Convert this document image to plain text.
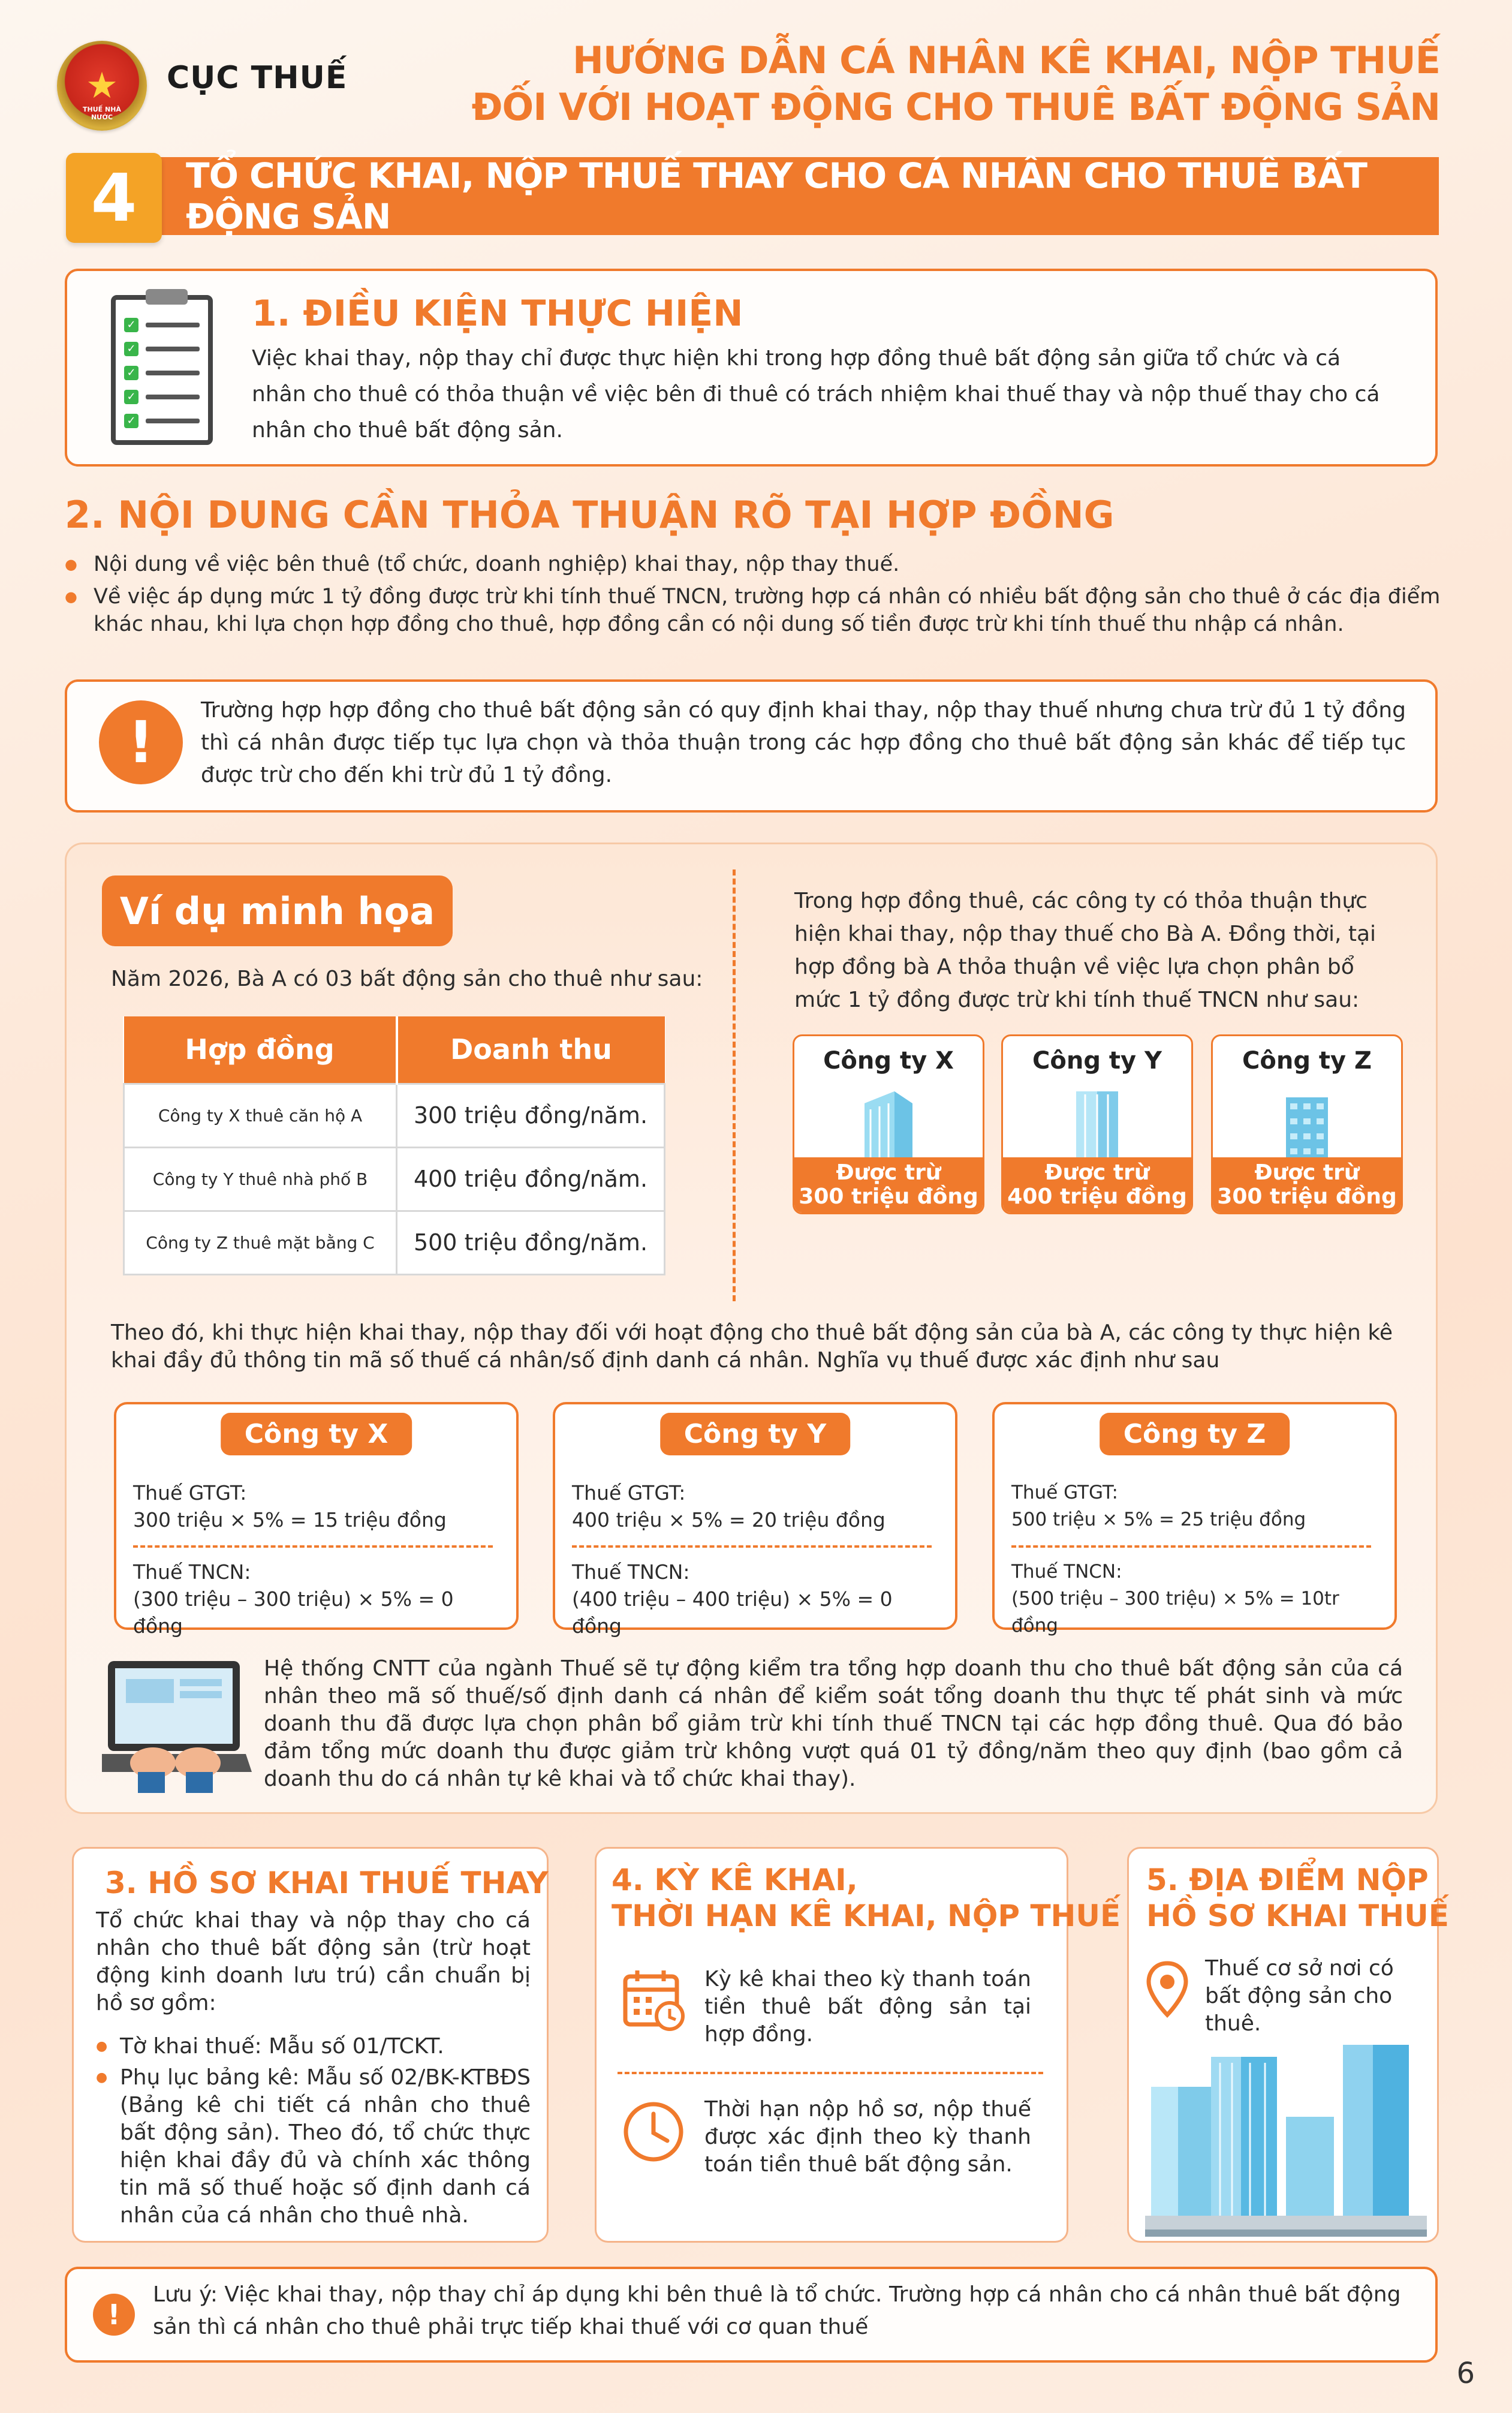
★
THUẾ NHÀ NƯỚC
CỤC THUẾ	HƯỚNG DẪN CÁ NHÂN KÊ KHAI, NỘP THUẾ
ĐỐI VỚI HOẠT ĐỘNG CHO THUÊ BẤT ĐỘNG SẢN
4	TỔ CHỨC KHAI, NỘP THUẾ THAY CHO CÁ NHÂN CHO THUÊ BẤT ĐỘNG SẢN
✓
✓
✓
✓
✓
1. ĐIỀU KIỆN THỰC HIỆN
Việc khai thay, nộp thay chỉ được thực hiện khi trong hợp đồng thuê bất động sản giữa tổ chức và cá nhân cho thuê có thỏa thuận về việc bên đi thuê có trách nhiệm khai thuế thay và nộp thuế thay cho cá nhân cho thuê bất động sản.
2. NỘI DUNG CẦN THỎA THUẬN RÕ TẠI HỢP ĐỒNG
● Nội dung về việc bên thuê (tổ chức, doanh nghiệp) khai thay, nộp thay thuế.
● Về việc áp dụng mức 1 tỷ đồng được trừ khi tính thuế TNCN, trường hợp cá nhân có nhiều bất động sản cho thuê ở các địa điểm khác nhau, khi lựa chọn hợp đồng cho thuê, hợp đồng cần có nội dung số tiền được trừ khi tính thuế thu nhập cá nhân.
!	Trường hợp hợp đồng cho thuê bất động sản có quy định khai thay, nộp thay thuế nhưng chưa trừ đủ 1 tỷ đồng thì cá nhân được tiếp tục lựa chọn và thỏa thuận trong các hợp đồng cho thuê bất động sản khác để tiếp tục được trừ cho đến khi trừ đủ 1 tỷ đồng.
Ví dụ minh họa
Năm 2026, Bà A có 03 bất động sản cho thuê như sau:
Hợp đồng	Doanh thu
Công ty X thuê căn hộ A	300 triệu đồng/năm.
Công ty Y thuê nhà phố B	400 triệu đồng/năm.
Công ty Z thuê mặt bằng C	500 triệu đồng/năm.
Trong hợp đồng thuê, các công ty có thỏa thuận thực hiện khai thay, nộp thay thuế cho Bà A. Đồng thời, tại hợp đồng bà A thỏa thuận về việc lựa chọn phân bổ mức 1 tỷ đồng được trừ khi tính thuế TNCN như sau:
Công ty X
Được trừ
300 triệu đồng
Công ty Y
Được trừ
400 triệu đồng
Công ty Z
Được trừ
300 triệu đồng
Theo đó, khi thực hiện khai thay, nộp thay đối với hoạt động cho thuê bất động sản của bà A, các công ty thực hiện kê khai đầy đủ thông tin mã số thuế cá nhân/số định danh cá nhân. Nghĩa vụ thuế được xác định như sau
Công ty X
Thuế GTGT:
300 triệu × 5% = 15 triệu đồng
Thuế TNCN:
(300 triệu – 300 triệu) × 5% = 0 đồng
Công ty Y
Thuế GTGT:
400 triệu × 5% = 20 triệu đồng
Thuế TNCN:
(400 triệu – 400 triệu) × 5% = 0 đồng
Công ty Z
Thuế GTGT:
500 triệu × 5% = 25 triệu đồng
Thuế TNCN:
(500 triệu – 300 triệu) × 5% = 10tr đồng
Hệ thống CNTT của ngành Thuế sẽ tự động kiểm tra tổng hợp doanh thu cho thuê bất động sản của cá nhân theo mã số thuế/số định danh cá nhân để kiểm soát tổng doanh thu thực tế phát sinh và mức doanh thu đã được lựa chọn phân bổ giảm trừ khi tính thuế TNCN tại các hợp đồng thuê. Qua đó bảo đảm tổng mức doanh thu được giảm trừ không vượt quá 01 tỷ đồng/năm theo quy định (bao gồm cả doanh thu do cá nhân tự kê khai và tổ chức khai thay).
3. HỒ SƠ KHAI THUẾ THAY
Tổ chức khai thay và nộp thay cho cá nhân cho thuê bất động sản (trừ hoạt động kinh doanh lưu trú) cần chuẩn bị hồ sơ gồm:
● Tờ khai thuế: Mẫu số 01/TCKT.
● Phụ lục bảng kê: Mẫu số 02/BK-KTBĐS (Bảng kê chi tiết cá nhân cho thuê bất động sản). Theo đó, tổ chức thực hiện khai đầy đủ và chính xác thông tin mã số thuế hoặc số định danh cá nhân của cá nhân cho thuê nhà.
4. KỲ KÊ KHAI,
THỜI HẠN KÊ KHAI, NỘP THUẾ
Kỳ kê khai theo kỳ thanh toán tiền thuê bất động sản tại hợp đồng.
Thời hạn nộp hồ sơ, nộp thuế được xác định theo kỳ thanh toán tiền thuê bất động sản.
5. ĐỊA ĐIỂM NỘP
HỒ SƠ KHAI THUẾ
Thuế cơ sở nơi có bất động sản cho thuê.
!
Lưu ý: Việc khai thay, nộp thay chỉ áp dụng khi bên thuê là tổ chức. Trường hợp cá nhân cho cá nhân thuê bất động sản thì cá nhân cho thuê phải trực tiếp khai thuế với cơ quan thuế
6
